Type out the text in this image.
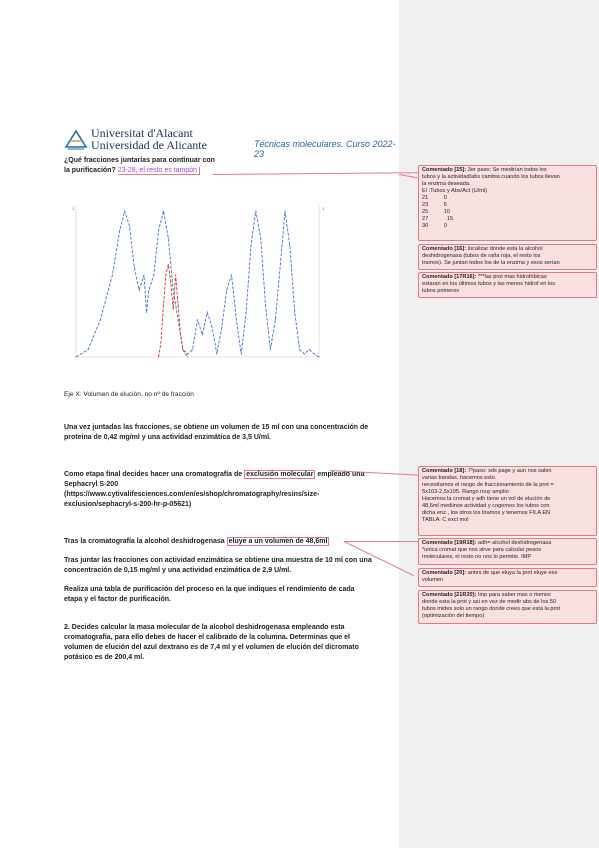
Universitat d'Alacant
Universidad de Alicante	Técnicas moleculares. Curso 2022-23
¿Qué fracciones juntarías para continuar con
la purificación? 23-28, el resto es tampón
1	1
Eje X: Volumen de elución, no nº de fracción
Una vez juntadas las fracciones, se obtiene un volumen de 15 ml con una concentración de
proteína de 0,42 mg/ml y una actividad enzimática de 3,5 U/ml.
Como etapa final decides hacer una cromatografía de exclusión molecular empleado una
Sephacryl S-200
(https://www.cytivalifesciences.com/en/es/shop/chromatography/resins/size-
exclusion/sephacryl-s-200-hr-p-05621)
Tras la cromatografía la alcohol deshidrogenasa eluye a un volumen de 48,6ml
Tras juntar las fracciones con actividad enzimática se obtiene una muestra de 10 ml con una
concentración de 0,15 mg/ml y una actividad enzimática de 2,9 U/ml.
Realiza una tabla de purificación del proceso en la que indiques el rendimiento de cada
etapa y el factor de purificación.
2. Decides calcular la masa molecular de la alcohol deshidrogenasa empleando esta
cromatografía, para ello debes de hacer el calibrado de la columna. Determinas que el
volumen de elución del azul dextrano es de 7,4 ml y el volumen de elución del dicromato
potásico es de 200,4 ml.
Comentado [15]: 3er paso: Se medirían todos los
tubos y la actividad/abs cambia cuando los tubos llevan
la enzima deseada.
El :Tubos y Abs/Act (U/ml)
21          0
23          5
25          10
27            15
30          0
Comentado [16]: localizar donde esta la alcohol
deshidrogenasa (tubos de raña roja, el resto los
tramos). Se juntan todos los de la enzima y esos serían
Comentado [17R16]: ***las prot mas hidrofóbicas
estaran en los últimos tubos y las menos hidrof en los
tubos primeros
Comentado [18]: 7ºpaso: sds page y aun nos salen
varias bandas. hacemos esto.
necesitamos el rango de fraccionamiento de la prot =
5x103-2,5x105. Rango muy amplio
Hacemos la cromat y adh tiene un vol de elución de
48,6ml mediinos actividad y cogemos los tubos con
dicha enz., los otros los tiramos y tenemos FILA EN
TABLA: C excl mol
Comentado [19R18]: adh= alcohol deshidrogenasa
*unica cromat que nos sirve para calcular pesos
moleculares, el resto no nos lo permite. IMP
Comentado [20]: antes de que eluya la prot eluye ese
volumen
Comentado [21R20]: Imp para saber mas o menos
donde esta la prot y asi en vez de medir abs de los 50
tubos mides solo un rango donde crees que está la prot
(optimización del tiempo)
